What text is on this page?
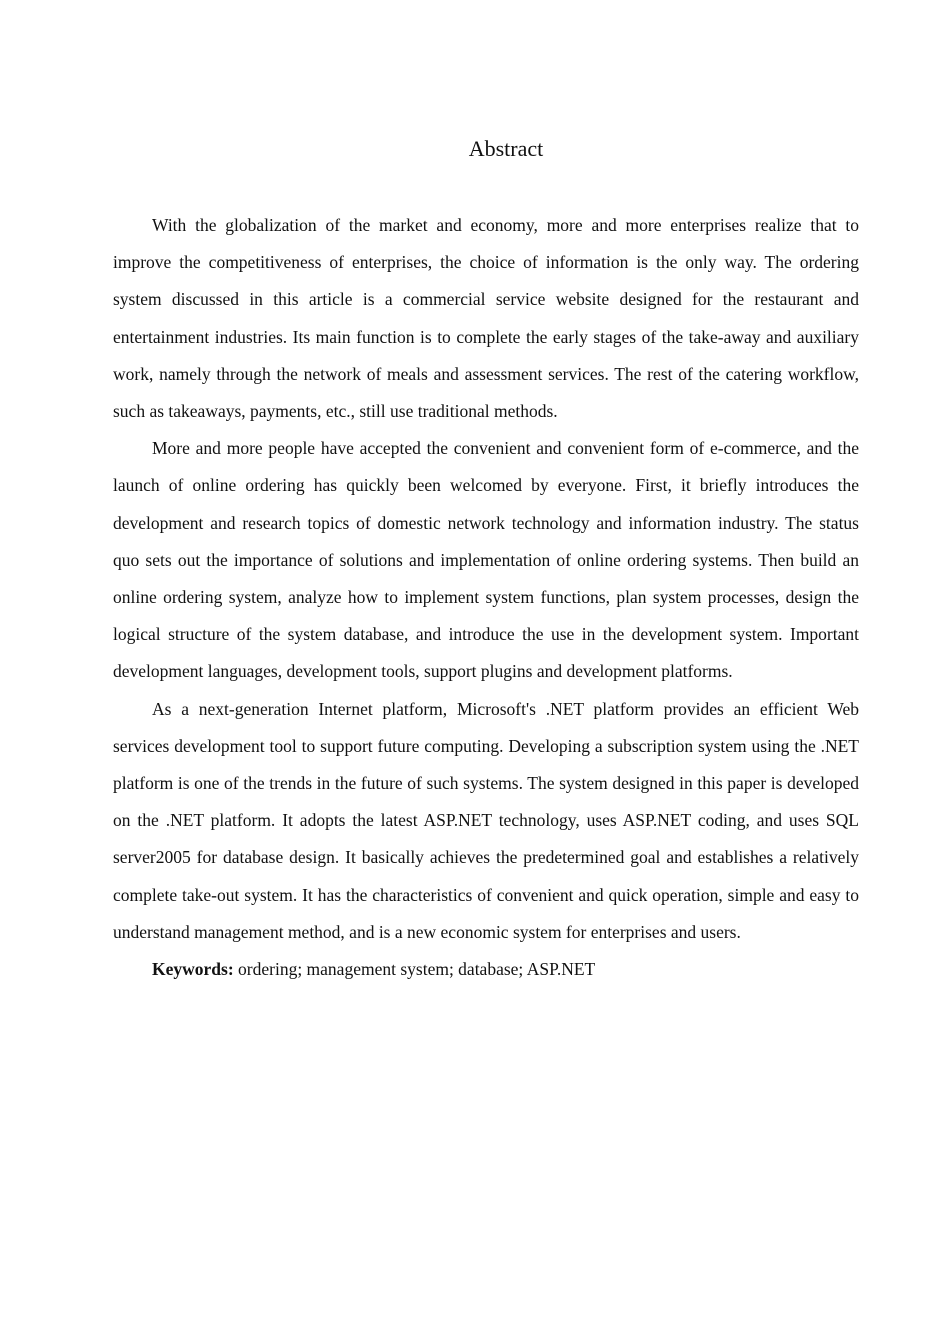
Abstract

With the globalization of the market and economy, more and more enterprises realize that to improve the competitiveness of enterprises, the choice of information is the only way. The ordering system discussed in this article is a commercial service website designed for the restaurant and entertainment industries. Its main function is to complete the early stages of the take-away and auxiliary work, namely through the network of meals and assessment services. The rest of the catering workflow, such as takeaways, payments, etc., still use traditional methods.

More and more people have accepted the convenient and convenient form of e-commerce, and the launch of online ordering has quickly been welcomed by everyone. First, it briefly introduces the development and research topics of domestic network technology and information industry. The status quo sets out the importance of solutions and implementation of online ordering systems. Then build an online ordering system, analyze how to implement system functions, plan system processes, design the logical structure of the system database, and introduce the use in the development system. Important development languages, development tools, support plugins and development platforms.

As a next-generation Internet platform, Microsoft's .NET platform provides an efficient Web services development tool to support future computing. Developing a subscription system using the .NET platform is one of the trends in the future of such systems. The system designed in this paper is developed on the .NET platform. It adopts the latest ASP.NET technology, uses ASP.NET coding, and uses SQL server2005 for database design. It basically achieves the predetermined goal and establishes a relatively complete take-out system. It has the characteristics of convenient and quick operation, simple and easy to understand management method, and is a new economic system for enterprises and users.

Keywords: ordering; management system; database; ASP.NET
